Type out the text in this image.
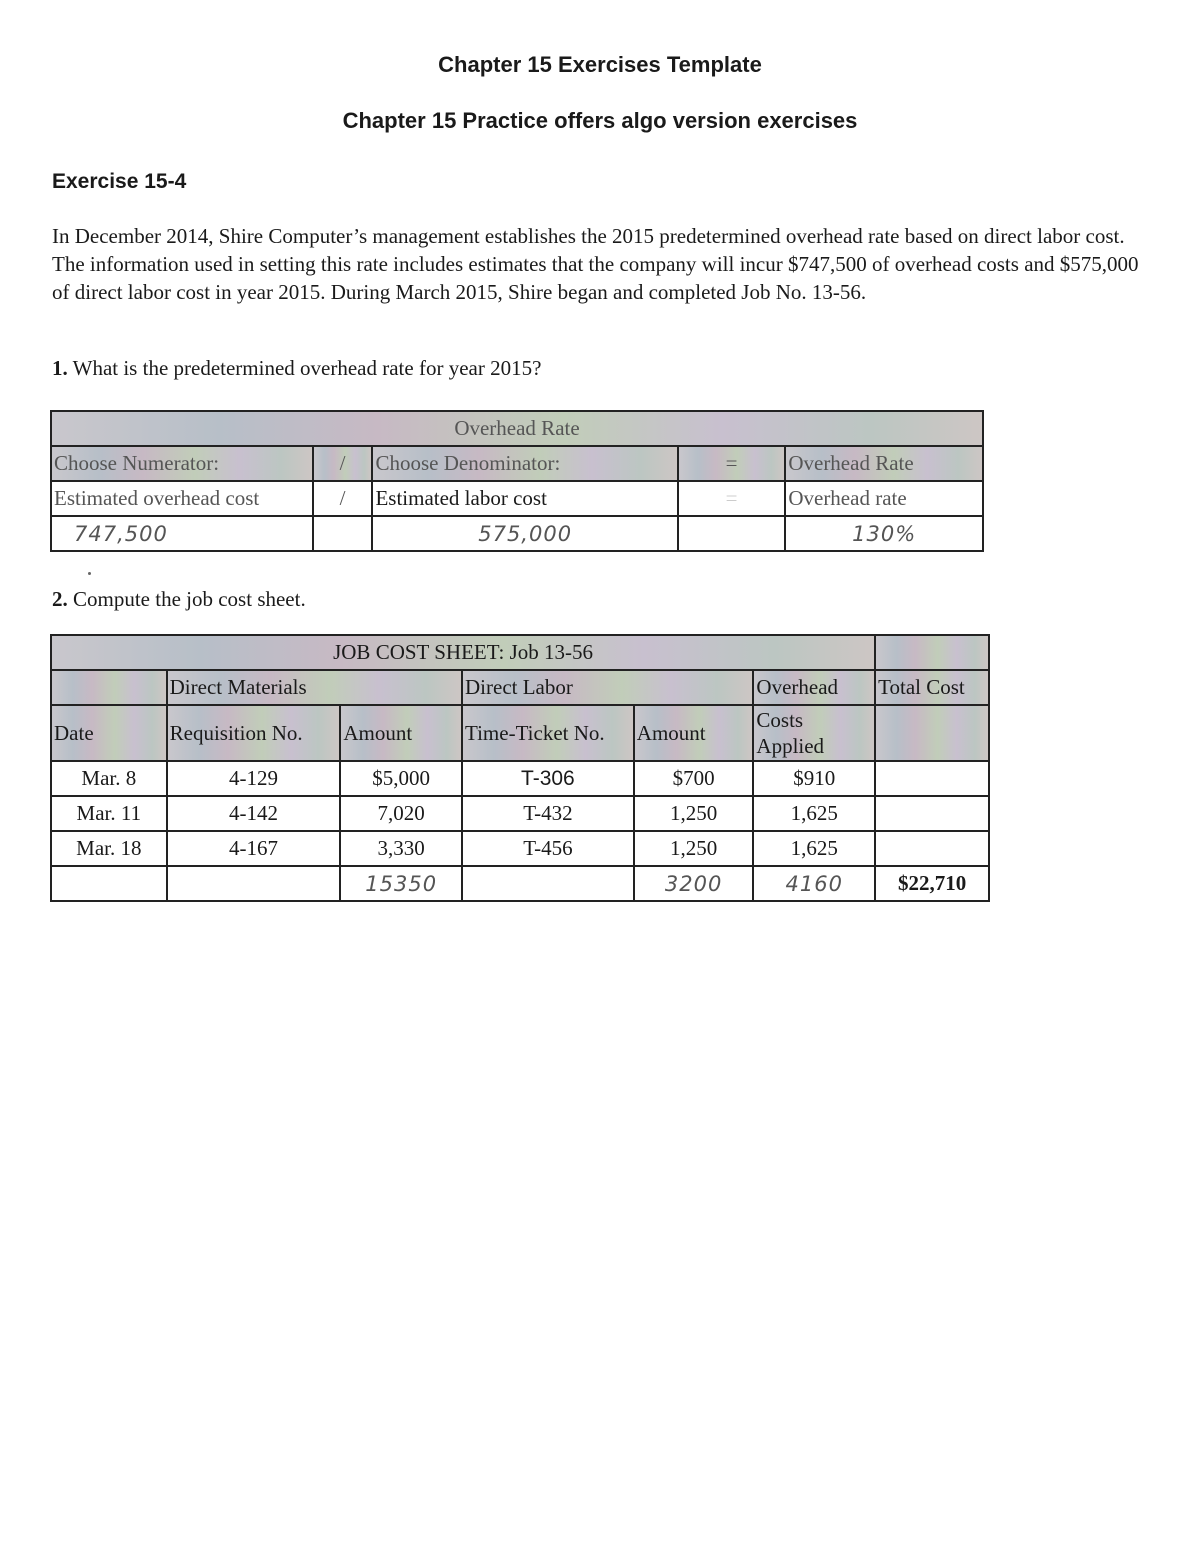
Chapter 15 Exercises Template
Chapter 15 Practice offers algo version exercises
Exercise 15-4
In December 2014, Shire Computer’s management establishes the 2015 predetermined overhead rate based on direct labor cost. The information used in setting this rate includes estimates that the company will incur $747,500 of overhead costs and $575,000 of direct labor cost in year 2015. During March 2015, Shire began and completed Job No. 13-56.
1. What is the predetermined overhead rate for year 2015?
Overhead Rate				
Choose Numerator:	/	Choose Denominator:	=	Overhead Rate
Estimated overhead cost	/	Estimated labor cost	=	Overhead rate
747,500		575,000		130%
2. Compute the job cost sheet.
JOB COST SHEET: Job 13-56						
	Direct Materials		Direct Labor		Overhead	Total Cost
Date	Requisition No.	Amount	Time-Ticket No.	Amount	Costs
Applied	

Mar. 8	4-129	$5,000	T-306	$700	$910	
Mar. 11	4-142	7,020	T-432	1,250	1,625	
Mar. 18	4-167	3,330	T-456	1,250	1,625	
		15350		3200	4160	$22,710
